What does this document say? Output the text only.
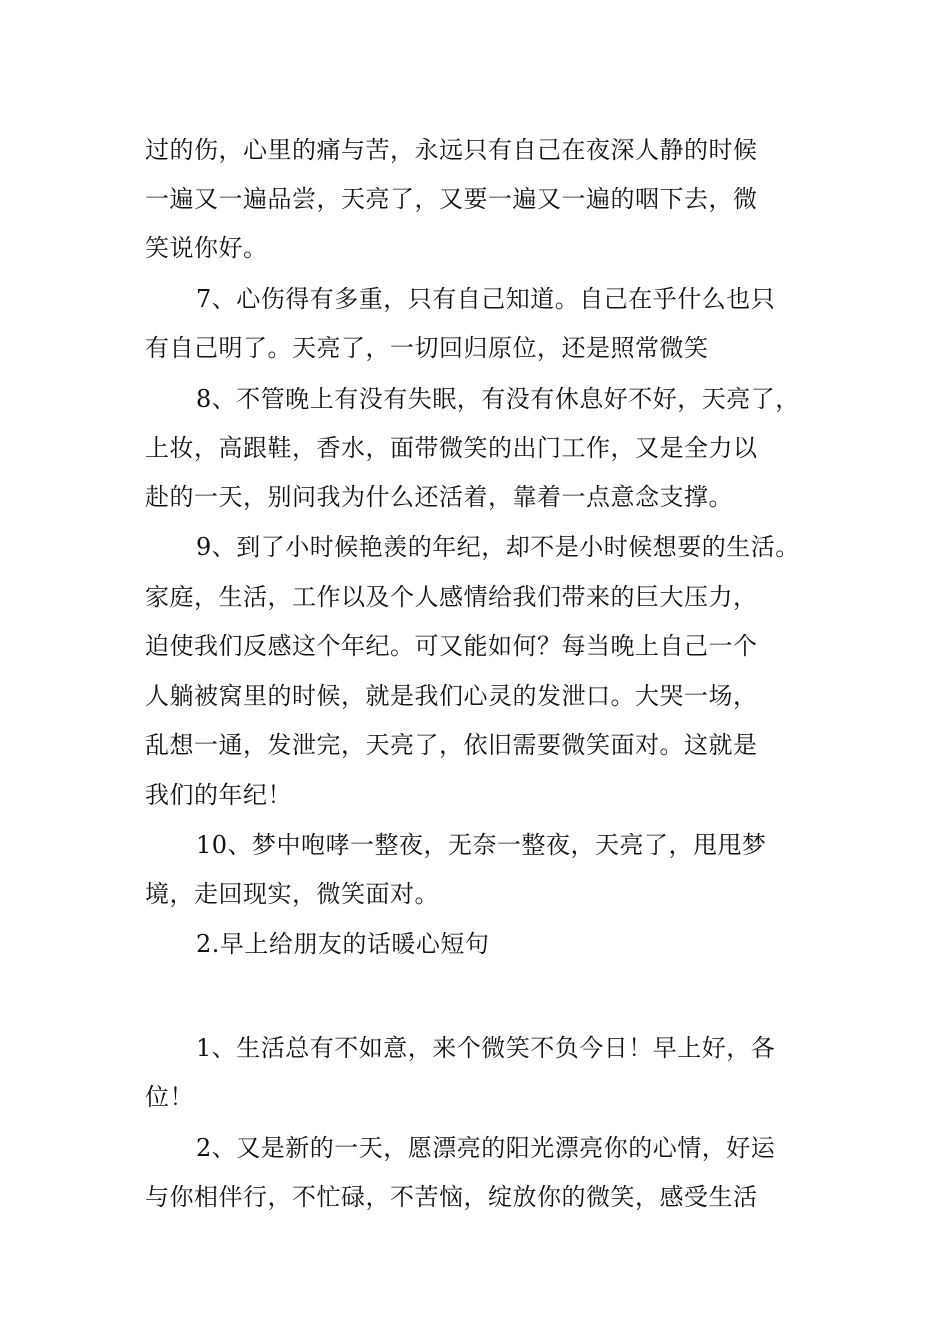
过的伤，心里的痛与苦，永远只有自己在夜深人静的时候
一遍又一遍品尝，天亮了，又要一遍又一遍的咽下去，微
笑说你好。
7、心伤得有多重，只有自己知道。自己在乎什么也只
有自己明了。天亮了，一切回归原位，还是照常微笑
8、不管晚上有没有失眠，有没有休息好不好，天亮了，
上妆，高跟鞋，香水，面带微笑的出门工作，又是全力以
赴的一天，别问我为什么还活着，靠着一点意念支撑。
9、到了小时候艳羡的年纪，却不是小时候想要的生活。
家庭，生活，工作以及个人感情给我们带来的巨大压力，
迫使我们反感这个年纪。可又能如何？每当晚上自己一个
人躺被窝里的时候，就是我们心灵的发泄口。大哭一场，
乱想一通，发泄完，天亮了，依旧需要微笑面对。这就是
我们的年纪！
10、梦中咆哮一整夜，无奈一整夜，天亮了，甩甩梦
境，走回现实，微笑面对。
2.早上给朋友的话暖心短句
1、生活总有不如意，来个微笑不负今日！早上好，各
位！
2、又是新的一天，愿漂亮的阳光漂亮你的心情，好运
与你相伴行，不忙碌，不苦恼，绽放你的微笑，感受生活
